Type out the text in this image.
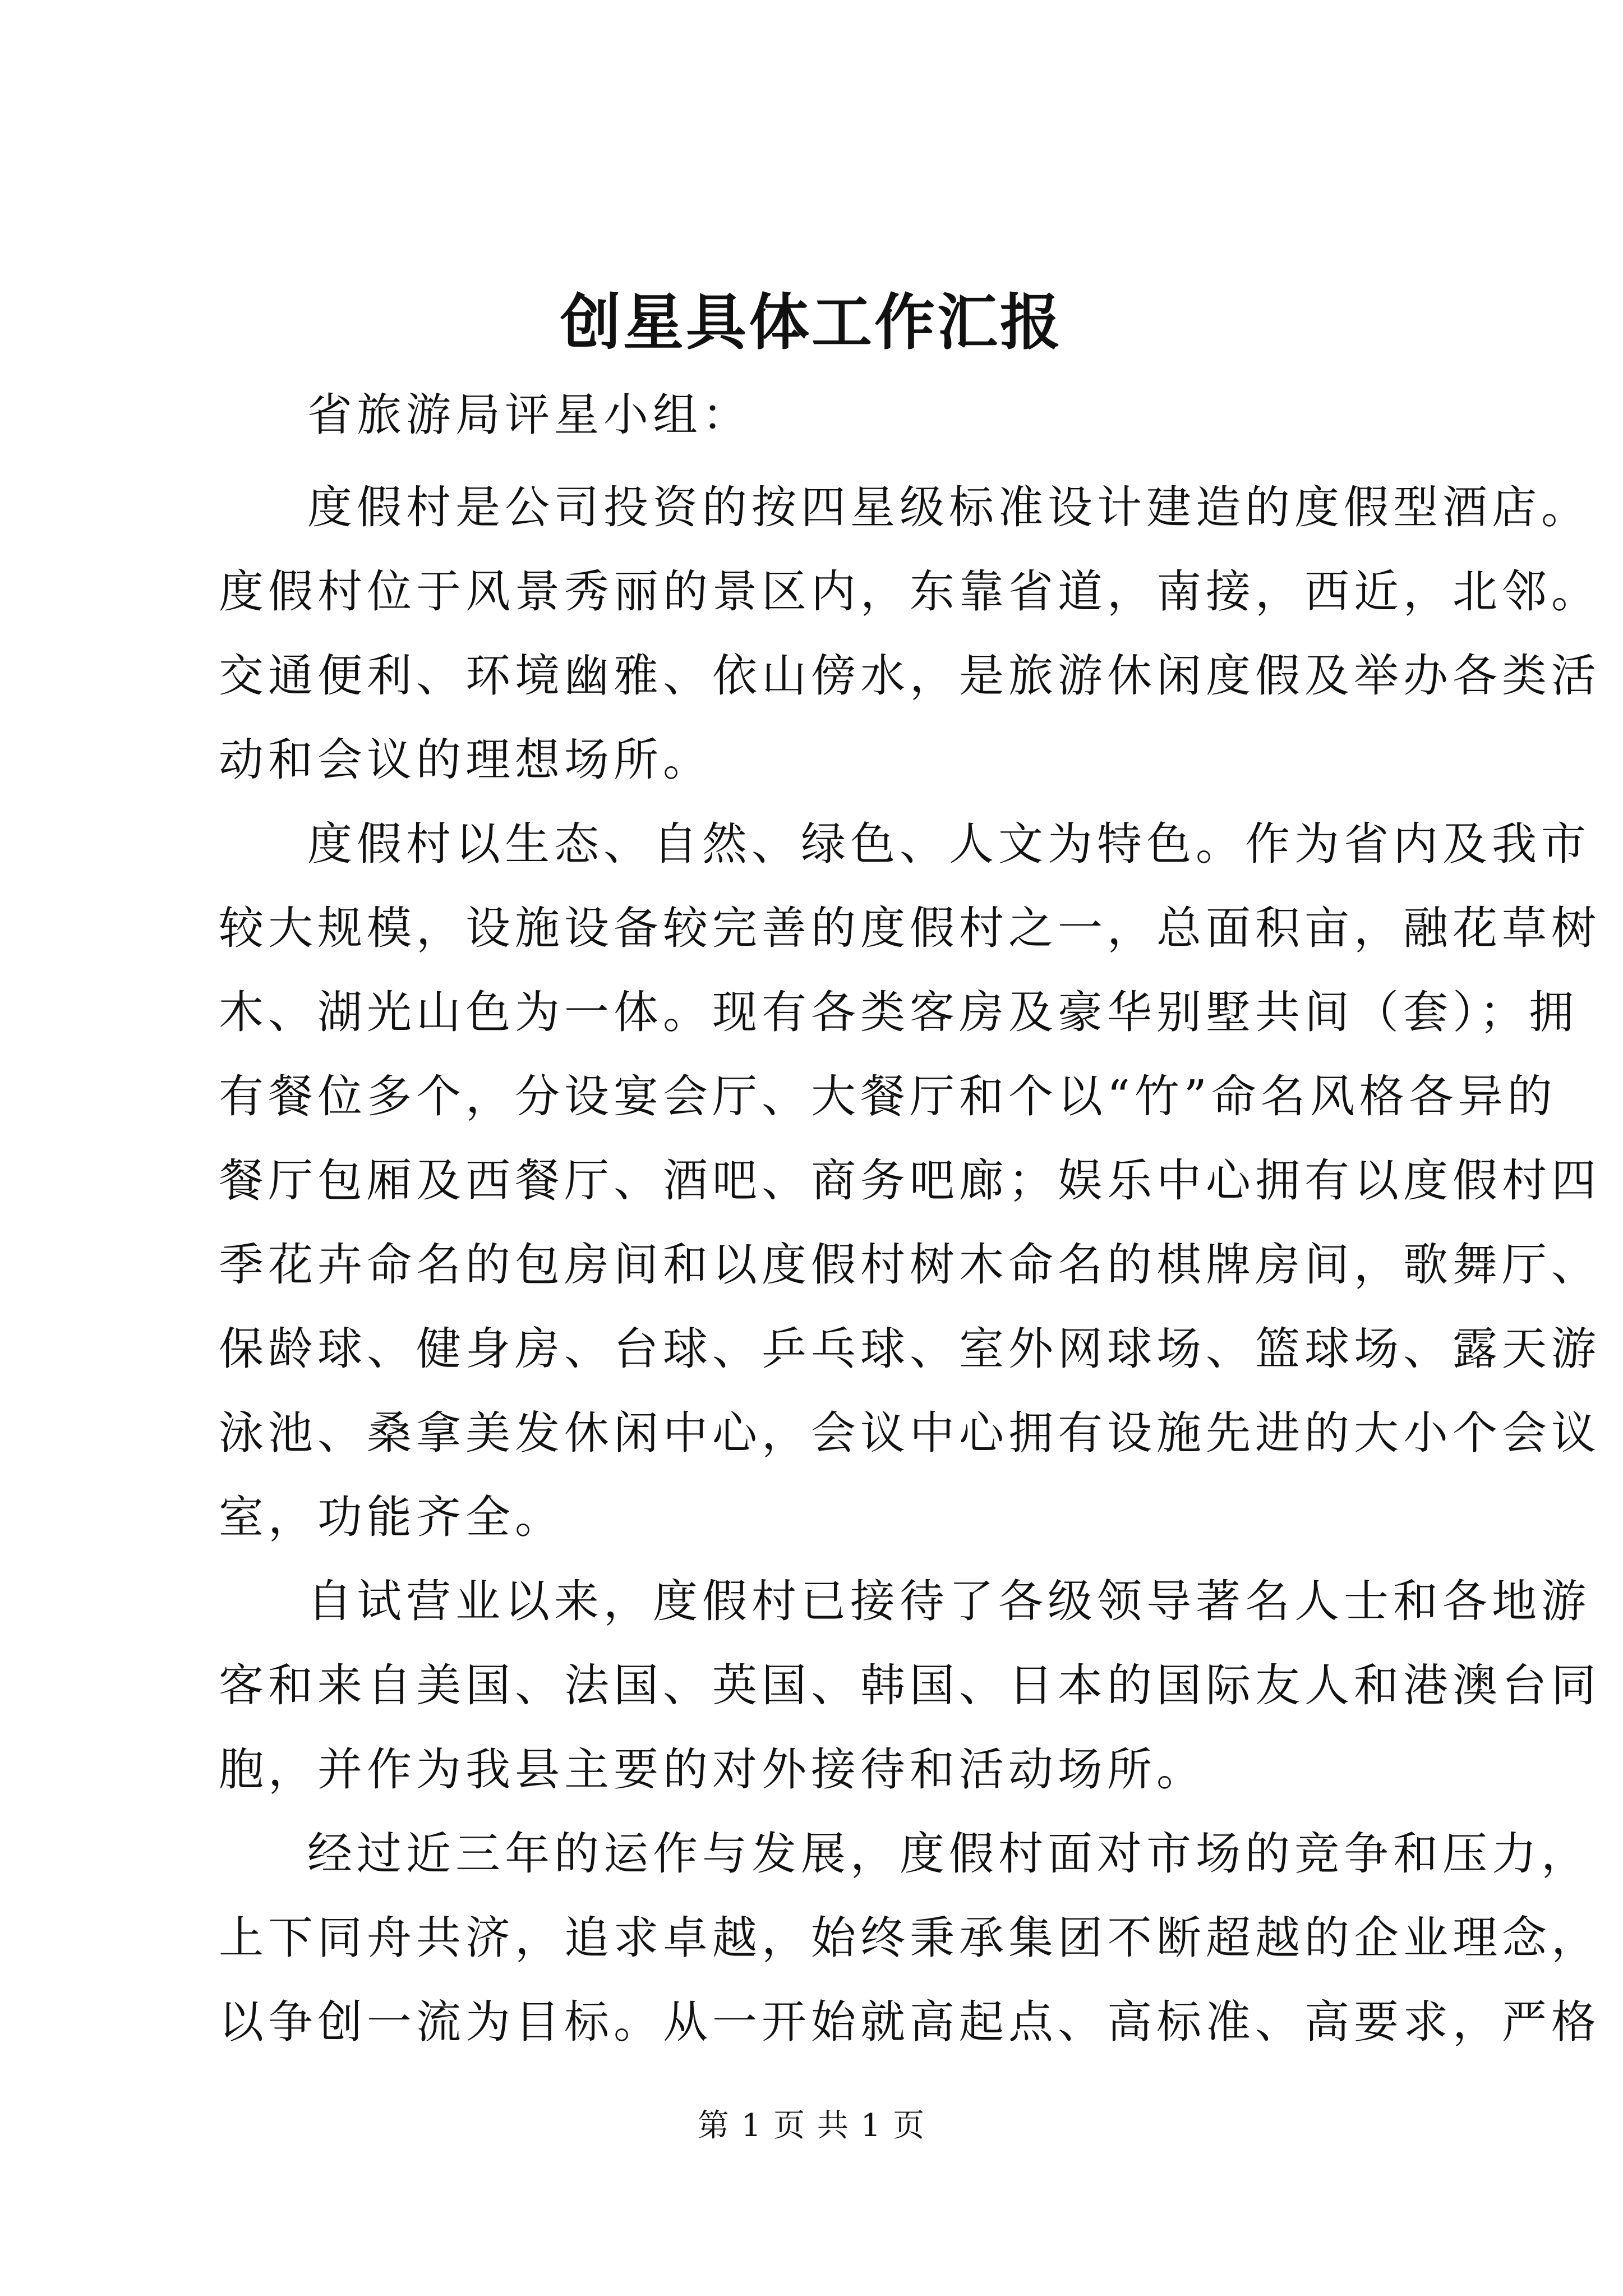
创星具体工作汇报
省旅游局评星小组：
度假村是公司投资的按四星级标准设计建造的度假型酒店。
度假村位于风景秀丽的景区内，东靠省道，南接，西近，北邻。
交通便利、环境幽雅、依山傍水，是旅游休闲度假及举办各类活
动和会议的理想场所。
度假村以生态、自然、绿色、人文为特色。作为省内及我市
较大规模，设施设备较完善的度假村之一，总面积亩，融花草树
木、湖光山色为一体。现有各类客房及豪华别墅共间（套）；拥
有餐位多个，分设宴会厅、大餐厅和个以“竹”命名风格各异的
餐厅包厢及西餐厅、酒吧、商务吧廊；娱乐中心拥有以度假村四
季花卉命名的包房间和以度假村树木命名的棋牌房间，歌舞厅、
保龄球、健身房、台球、乒乓球、室外网球场、篮球场、露天游
泳池、桑拿美发休闲中心，会议中心拥有设施先进的大小个会议
室，功能齐全。
自试营业以来，度假村已接待了各级领导著名人士和各地游
客和来自美国、法国、英国、韩国、日本的国际友人和港澳台同
胞，并作为我县主要的对外接待和活动场所。
经过近三年的运作与发展，度假村面对市场的竞争和压力，
上下同舟共济，追求卓越，始终秉承集团不断超越的企业理念，
以争创一流为目标。从一开始就高起点、高标准、高要求，严格
第 1 页 共 1 页
